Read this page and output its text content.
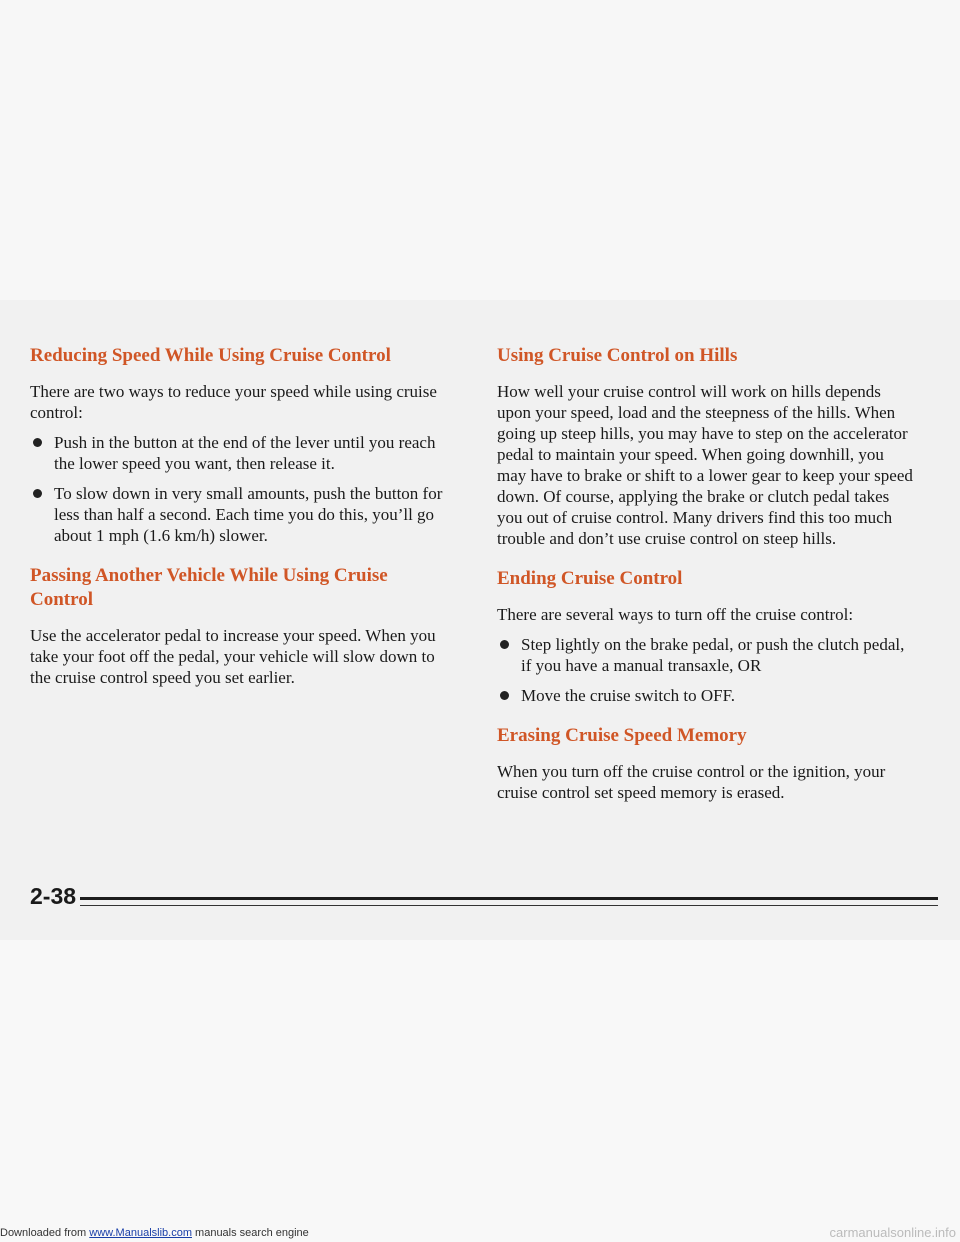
Reducing Speed While Using Cruise Control

There are two ways to reduce your speed while using cruise control:

Push in the button at the end of the lever until you reach the lower speed you want, then release it.
To slow down in very small amounts, push the button for less than half a second. Each time you do this, you’ll go about 1 mph (1.6 km/h) slower.
Passing Another Vehicle While Using Cruise Control

Use the accelerator pedal to increase your speed. When you take your foot off the pedal, your vehicle will slow down to the cruise control speed you set earlier.

Using Cruise Control on Hills

How well your cruise control will work on hills depends upon your speed, load and the steepness of the hills. When going up steep hills, you may have to step on the accelerator pedal to maintain your speed. When going downhill, you may have to brake or shift to a lower gear to keep your speed down. Of course, applying the brake or clutch pedal takes you out of cruise control. Many drivers find this too much trouble and don’t use cruise control on steep hills.

Ending Cruise Control

There are several ways to turn off the cruise control:

Step lightly on the brake pedal, or push the clutch pedal, if you have a manual transaxle, OR
Move the cruise switch to OFF.
Erasing Cruise Speed Memory

When you turn off the cruise control or the ignition, your cruise control set speed memory is erased.

2-38
Downloaded from www.Manualslib.com manuals search engine	carmanualsonline.info
